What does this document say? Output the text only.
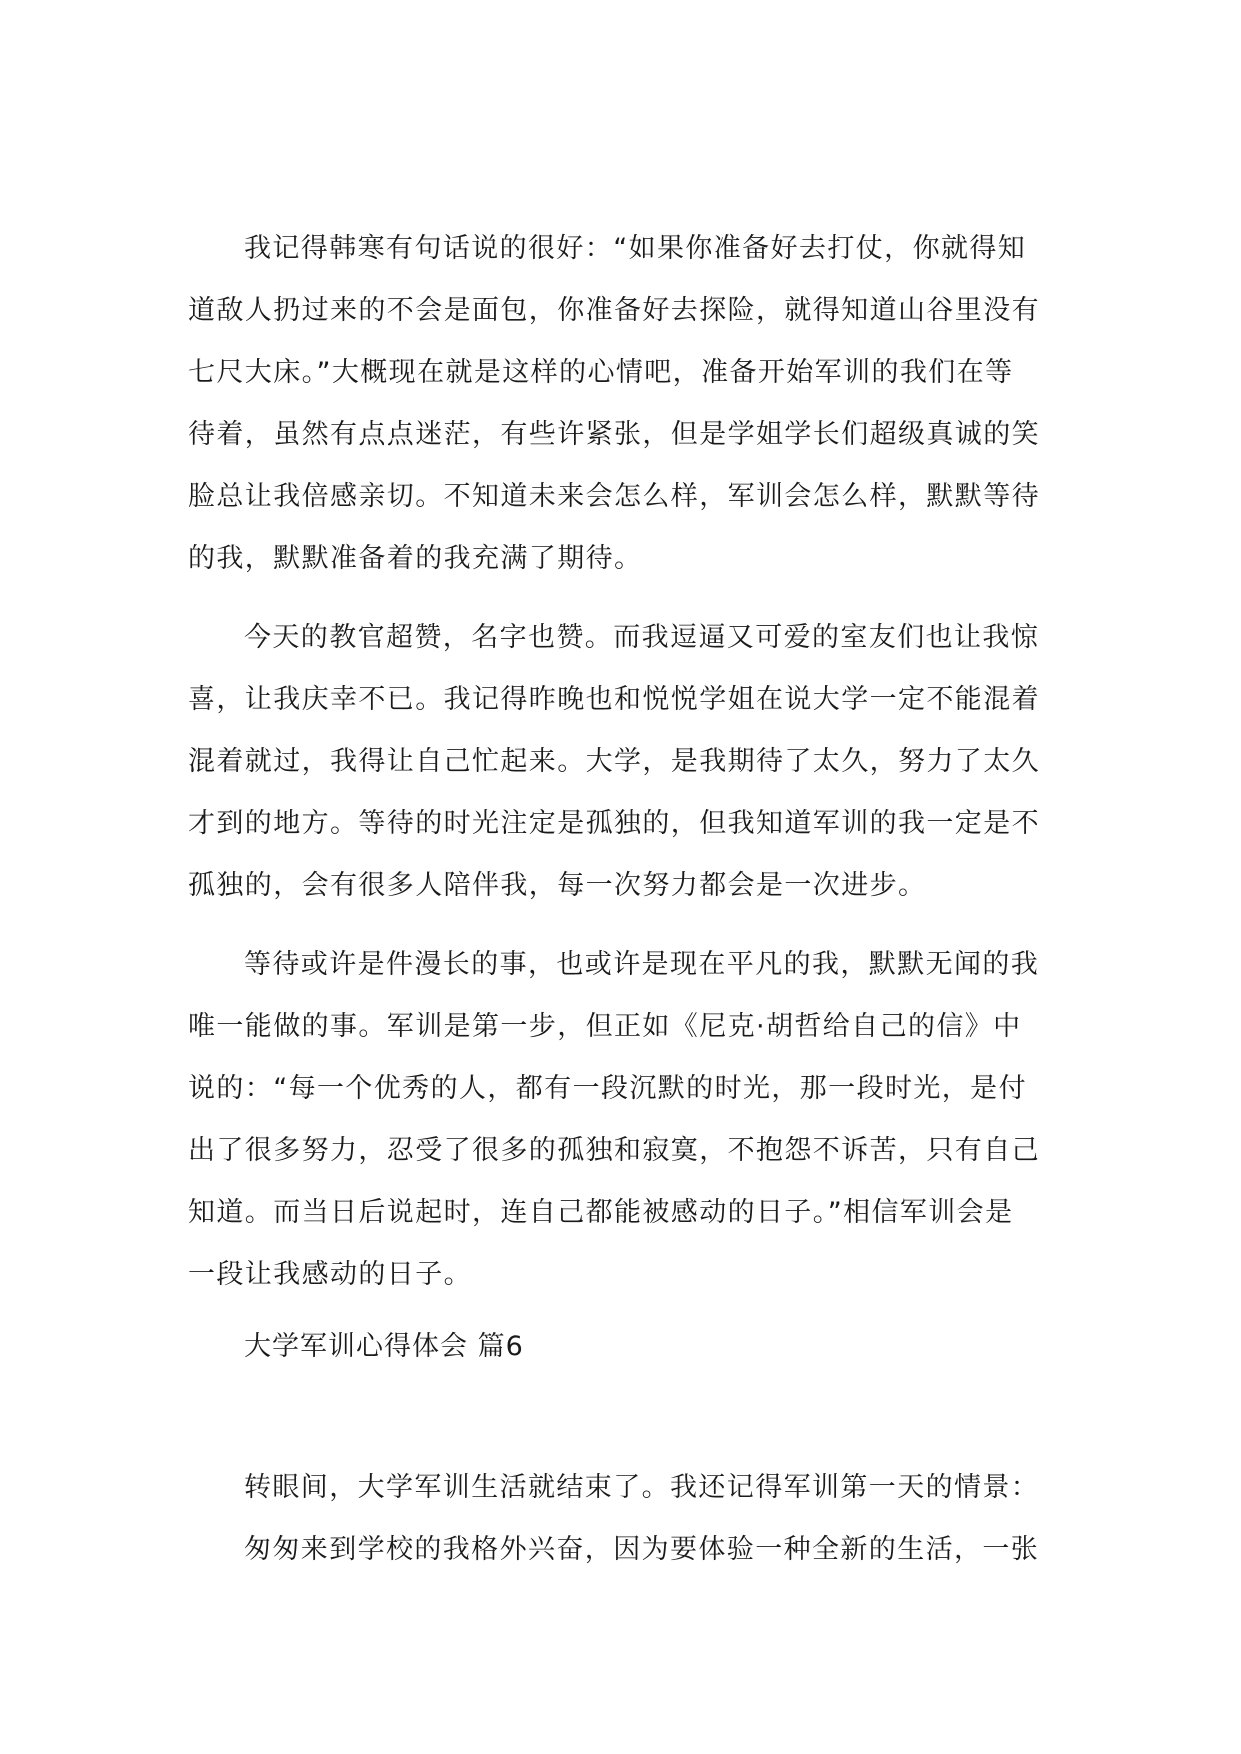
我记得韩寒有句话说的很好：“如果你准备好去打仗，你就得知

道敌人扔过来的不会是面包，你准备好去探险，就得知道山谷里没有

七尺大床。”大概现在就是这样的心情吧，准备开始军训的我们在等

待着，虽然有点点迷茫，有些许紧张，但是学姐学长们超级真诚的笑

脸总让我倍感亲切。不知道未来会怎么样，军训会怎么样，默默等待

的我，默默准备着的我充满了期待。

今天的教官超赞，名字也赞。而我逗逼又可爱的室友们也让我惊

喜，让我庆幸不已。我记得昨晚也和悦悦学姐在说大学一定不能混着

混着就过，我得让自己忙起来。大学，是我期待了太久，努力了太久

才到的地方。等待的时光注定是孤独的，但我知道军训的我一定是不

孤独的，会有很多人陪伴我，每一次努力都会是一次进步。

等待或许是件漫长的事，也或许是现在平凡的我，默默无闻的我

唯一能做的事。军训是第一步，但正如《尼克·胡哲给自己的信》中

说的：“每一个优秀的人，都有一段沉默的时光，那一段时光，是付

出了很多努力，忍受了很多的孤独和寂寞，不抱怨不诉苦，只有自己

知道。而当日后说起时，连自己都能被感动的日子。”相信军训会是

一段让我感动的日子。

大学军训心得体会 篇6

转眼间，大学军训生活就结束了。我还记得军训第一天的情景：

匆匆来到学校的我格外兴奋，因为要体验一种全新的生活，一张
